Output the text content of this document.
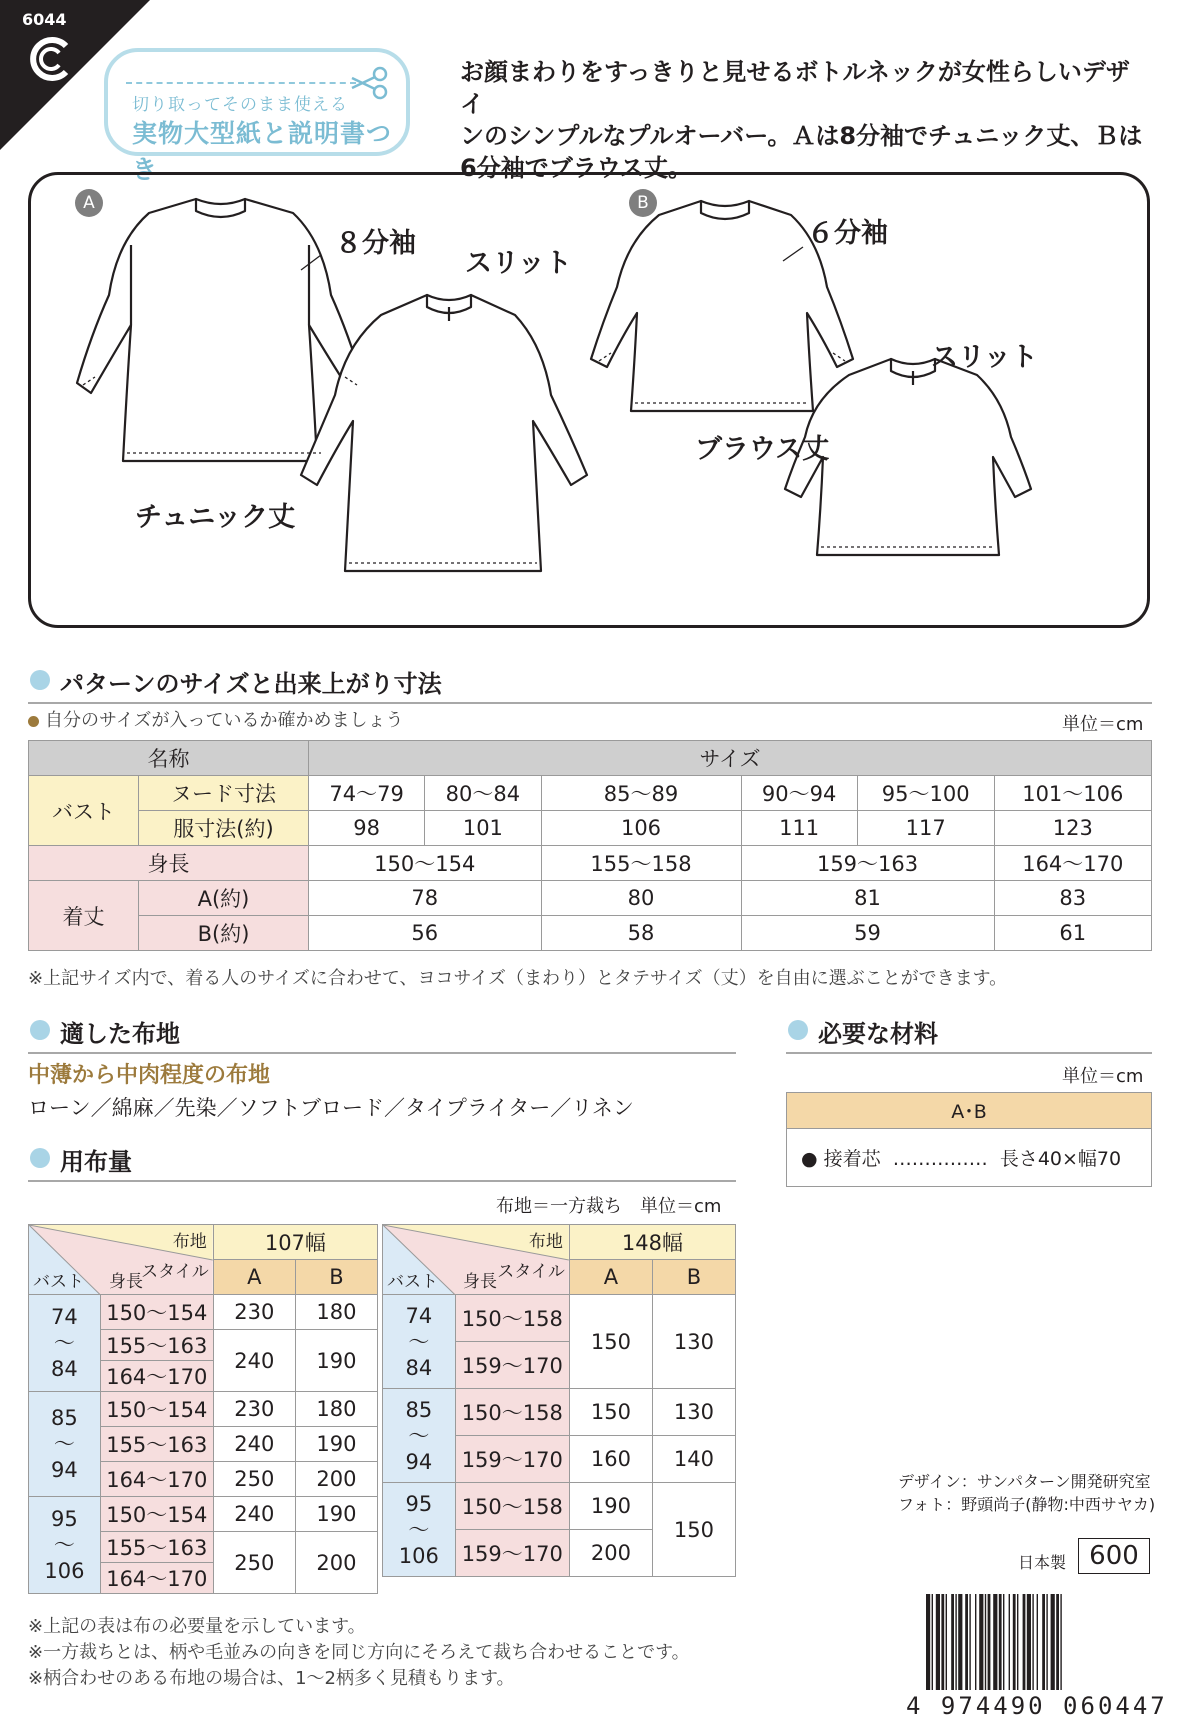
6044
切り取ってそのまま使える
実物大型紙と説明書つき
お顔まわりをすっきりと見せるボトルネックが女性らしいデザイ
ンのシンプルなプルオーバー。Ａは8分袖でチュニック丈、Ｂは
6分袖でブラウス丈。
A	B
８分袖
スリット
チュニック丈
６分袖
スリット
ブラウス丈
パターンのサイズと出来上がり寸法
自分のサイズが入っているか確かめましょう	単位＝cm
名称		サイズ					
バスト	ヌード寸法	74〜79	80〜84	85〜89	90〜94	95〜100	101〜106
	服寸法(約)	98	101	106	111	117	123
身長		150〜154		155〜158	159〜163		164〜170
着丈	A(約)	78		80	81		83
	B(約)	56		58	59		61
※上記サイズ内で、着る人のサイズに合わせて、ヨコサイズ（まわり）とタテサイズ（丈）を自由に選ぶことができます。
適した布地
中薄から中肉程度の布地
ローン／綿麻／先染／ソフトブロード／タイプライター／リネン
必要な材料
単位＝cm
A･B
● 接着芯 …………… 長さ40×幅70
用布量
布地＝一方裁ち　単位＝cm
布地
スタイル
身長
バスト		107幅	
		A	B

74
〜
84	150〜154	230	180
	155〜163	240	190
	164〜170		

85
〜
94	150〜154	230	180
	155〜163	240	190
	164〜170	250	200

95
〜
106	150〜154	240	190
	155〜163	250	200
	164〜170		
布地
スタイル
身長
バスト		148幅	
		A	B

74
〜
84	150〜158	150	130
	159〜170		

85
〜
94	150〜158	150	130
	159〜170	160	140

95
〜
106	150〜158	190	150
	159〜170	200	
※上記の表は布の必要量を示しています。
※一方裁ちとは、柄や毛並みの向きを同じ方向にそろえて裁ち合わせることです。
※柄合わせのある布地の場合は、1〜2柄多く見積もります。
デザイン：サンパターン開発研究室
フォト：野頭尚子(静物:中西サヤカ)
日本製 600
4 974490 060447
